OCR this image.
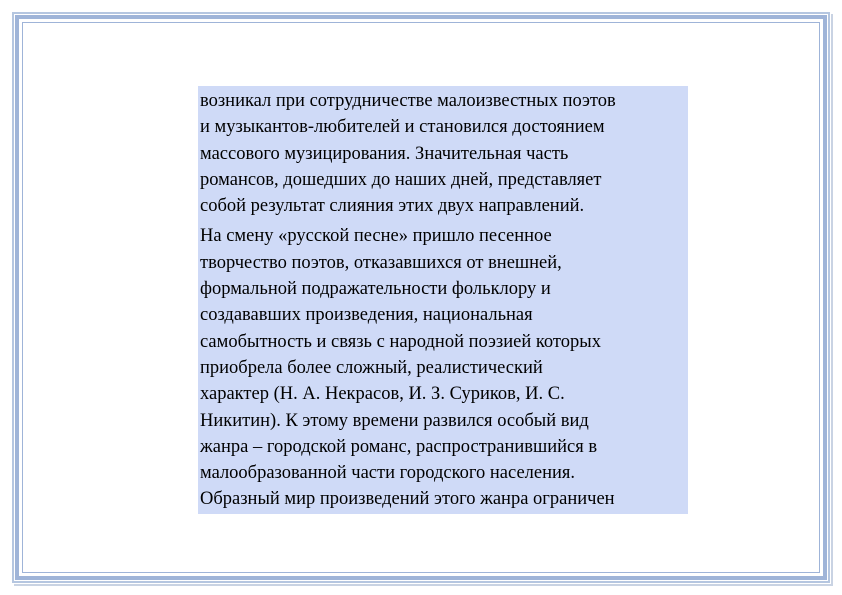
возникал при сотрудничестве малоизвестных поэтов
и музыкантов-любителей и становился достоянием
массового музицирования. Значительная часть
романсов, дошедших до наших дней, представляет
собой результат слияния этих двух направлений.

На смену «русской песне» пришло песенное
творчество поэтов, отказавшихся от внешней,
формальной подражательности фольклору и
создававших произведения, национальная
самобытность и связь с народной поэзией которых
приобрела более сложный, реалистический
характер (Н. А. Некрасов, И. З. Суриков, И. С.
Никитин). К этому времени развился особый вид
жанра – городской романс, распространившийся в
малообразованной части городского населения.
Образный мир произведений этого жанра ограничен
